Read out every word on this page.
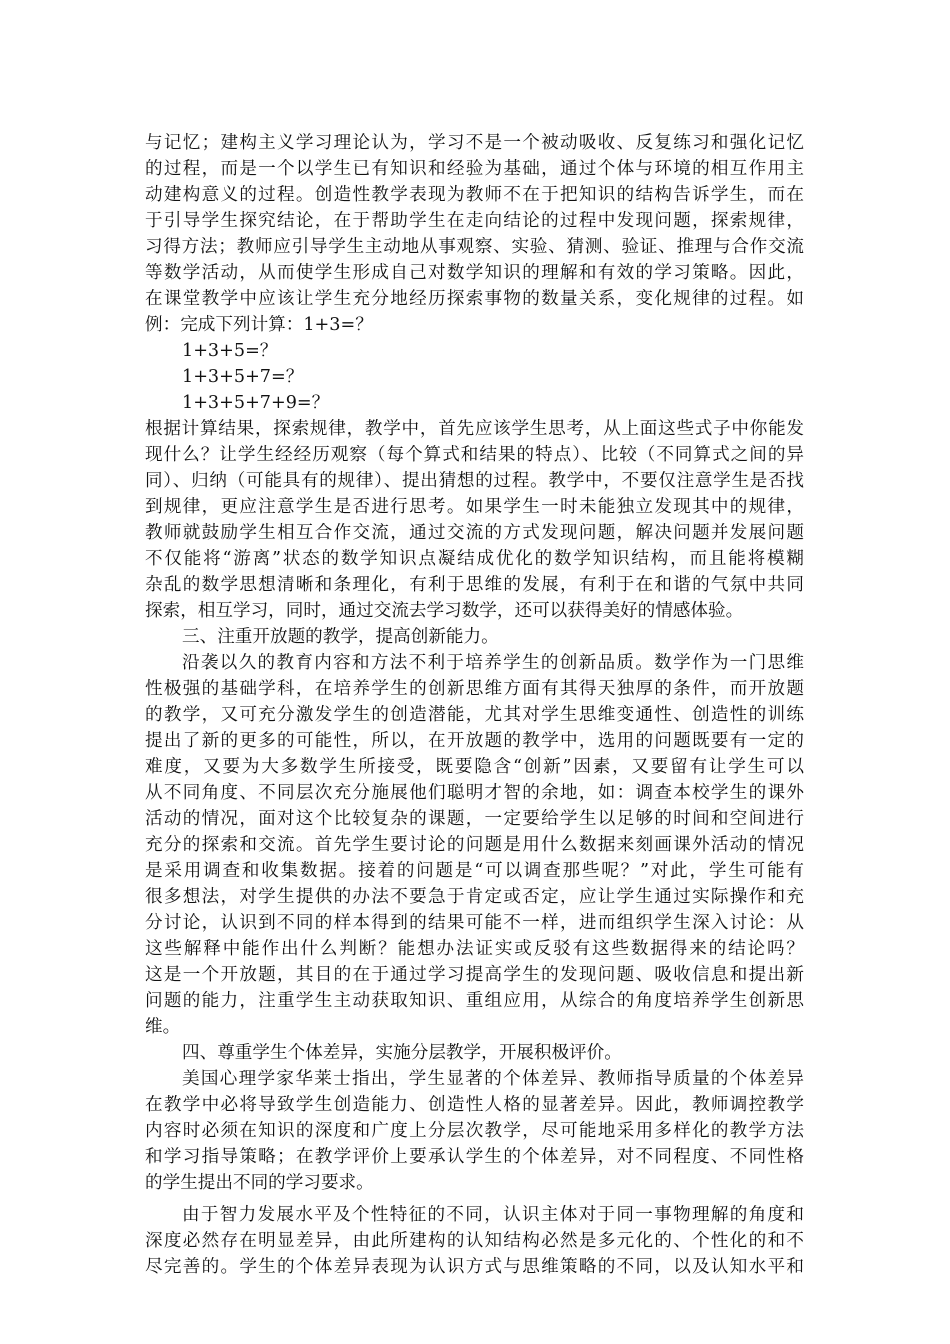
与记忆；建构主义学习理论认为，学习不是一个被动吸收、反复练习和强化记忆

的过程，而是一个以学生已有知识和经验为基础，通过个体与环境的相互作用主

动建构意义的过程。创造性教学表现为教师不在于把知识的结构告诉学生，而在

于引导学生探究结论，在于帮助学生在走向结论的过程中发现问题，探索规律，

习得方法；教师应引导学生主动地从事观察、实验、猜测、验证、推理与合作交流

等数学活动，从而使学生形成自己对数学知识的理解和有效的学习策略。因此，

在课堂教学中应该让学生充分地经历探索事物的数量关系，变化规律的过程。如

例：完成下列计算：1+3=？

1+3+5=？

1+3+5+7=？

1+3+5+7+9=？

根据计算结果，探索规律，教学中，首先应该学生思考，从上面这些式子中你能发

现什么？让学生经经历观察（每个算式和结果的特点）、比较（不同算式之间的异

同）、归纳（可能具有的规律）、提出猜想的过程。教学中，不要仅注意学生是否找

到规律，更应注意学生是否进行思考。如果学生一时未能独立发现其中的规律，

教师就鼓励学生相互合作交流，通过交流的方式发现问题，解决问题并发展问题

不仅能将“游离”状态的数学知识点凝结成优化的数学知识结构，而且能将模糊

杂乱的数学思想清晰和条理化，有利于思维的发展，有利于在和谐的气氛中共同

探索，相互学习，同时，通过交流去学习数学，还可以获得美好的情感体验。

三、注重开放题的教学，提高创新能力。

沿袭以久的教育内容和方法不利于培养学生的创新品质。数学作为一门思维

性极强的基础学科，在培养学生的创新思维方面有其得天独厚的条件，而开放题

的教学，又可充分激发学生的创造潜能，尤其对学生思维变通性、创造性的训练

提出了新的更多的可能性，所以，在开放题的教学中，选用的问题既要有一定的

难度，又要为大多数学生所接受，既要隐含“创新”因素，又要留有让学生可以

从不同角度、不同层次充分施展他们聪明才智的余地，如：调查本校学生的课外

活动的情况，面对这个比较复杂的课题，一定要给学生以足够的时间和空间进行

充分的探索和交流。首先学生要讨论的问题是用什么数据来刻画课外活动的情况

是采用调查和收集数据。接着的问题是“可以调查那些呢？”对此，学生可能有

很多想法，对学生提供的办法不要急于肯定或否定，应让学生通过实际操作和充

分讨论，认识到不同的样本得到的结果可能不一样，进而组织学生深入讨论：从

这些解释中能作出什么判断？能想办法证实或反驳有这些数据得来的结论吗？

这是一个开放题，其目的在于通过学习提高学生的发现问题、吸收信息和提出新

问题的能力，注重学生主动获取知识、重组应用，从综合的角度培养学生创新思

维。

四、尊重学生个体差异，实施分层教学，开展积极评价。

美国心理学家华莱士指出，学生显著的个体差异、教师指导质量的个体差异

在教学中必将导致学生创造能力、创造性人格的显著差异。因此，教师调控教学

内容时必须在知识的深度和广度上分层次教学，尽可能地采用多样化的教学方法

和学习指导策略；在教学评价上要承认学生的个体差异，对不同程度、不同性格

的学生提出不同的学习要求。

由于智力发展水平及个性特征的不同，认识主体对于同一事物理解的角度和

深度必然存在明显差异，由此所建构的认知结构必然是多元化的、个性化的和不

尽完善的。学生的个体差异表现为认识方式与思维策略的不同，以及认知水平和
